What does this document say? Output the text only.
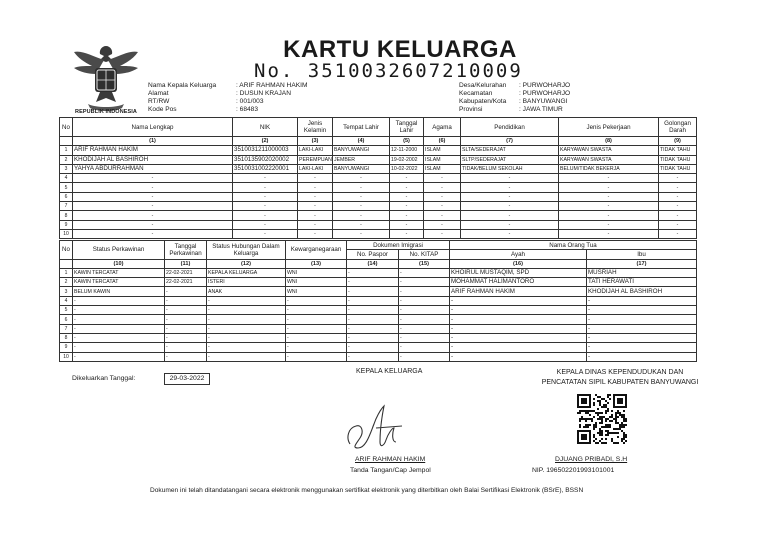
REPUBLIK INDONESIA
KARTU KELUARGA
No. 3510032607210009
Nama Kepala Keluarga	: ARIF RAHMAN HAKIM
Alamat	: DUSUN KRAJAN
RT/RW	: 001/003
Kode Pos	: 68483
Desa/Kelurahan	: PURWOHARJO
Kecamatan	: PURWOHARJO
Kabupaten/Kota	: BANYUWANGI
Provinsi	: JAWA TIMUR
No	Nama Lengkap	NIK	Jenis Kelamin	Tempat Lahir	Tanggal Lahir	Agama	Pendidikan	Jenis Pekerjaan	Golongan Darah
	(1)	(2)	(3)	(4)	(5)	(6)	(7)	(8)	(9)
1	ARIF RAHMAN HAKIM	3510031211000003	LAKI-LAKI	BANYUWANGI	12-11-2000	ISLAM	SLTA/SEDERAJAT	KARYAWAN SWASTA	TIDAK TAHU
2	KHODIJAH AL BASHIROH	3510135902020002	PEREMPUAN	JEMBER	19-02-2002	ISLAM	SLTP/SEDERAJAT	KARYAWAN SWASTA	TIDAK TAHU
3	YAHYA ABDURRAHMAN	3510031002220001	LAKI-LAKI	BANYUWANGI	10-02-2022	ISLAM	TIDAK/BELUM SEKOLAH	BELUM/TIDAK BEKERJA	TIDAK TAHU
4	-	-	-	-	-	-	-	-	-
5	-	-	-	-	-	-	-	-	-
6	-	-	-	-	-	-	-	-	-
7	-	-	-	-	-	-	-	-	-
8	-	-	-	-	-	-	-	-	-
9	-	-	-	-	-	-	-	-	-
10	-	-	-	-	-	-	-	-	-
No	Status Perkawinan	Tanggal Perkawinan	Status Hubungan Dalam Keluarga	Kewarganegaraan	Dokumen Imigrasi		Nama Orang Tua	
					No. Paspor	No. KITAP	Ayah	Ibu
	(10)	(11)	(12)	(13)	(14)	(15)	(16)	(17)
1	KAWIN TERCATAT	22-02-2021	KEPALA KELUARGA	WNI	-	-	KHOIRUL MUSTAQIM, SPD	MUSRIAH
2	KAWIN TERCATAT	22-02-2021	ISTERI	WNI	-	-	MOHAMMAT HALIMANTORO	TATI HERAWATI
3	BELUM KAWIN	-	ANAK	WNI	-	-	ARIF RAHMAN HAKIM	KHODIJAH AL BASHIROH
4	-	-	-	-	-	-	-	-
5	-	-	-	-	-	-	-	-
6	-	-	-	-	-	-	-	-
7	-	-	-	-	-	-	-	-
8	-	-	-	-	-	-	-	-
9	-	-	-	-	-	-	-	-
10	-	-	-	-	-	-	-	-
Dikeluarkan Tanggal:	29-03-2022
KEPALA KELUARGA	KEPALA DINAS KEPENDUDUKAN DAN
PENCATATAN SIPIL KABUPATEN BANYUWANGI
ARIF RAHMAN HAKIM
Tanda Tangan/Cap Jempol
DJUANG PRIBADI, S.H
NIP. 196502201993101001
Dokumen ini telah ditandatangani secara elektronik menggunakan sertifikat elektronik yang diterbitkan oleh Balai Sertifikasi Elektronik (BSrE), BSSN
